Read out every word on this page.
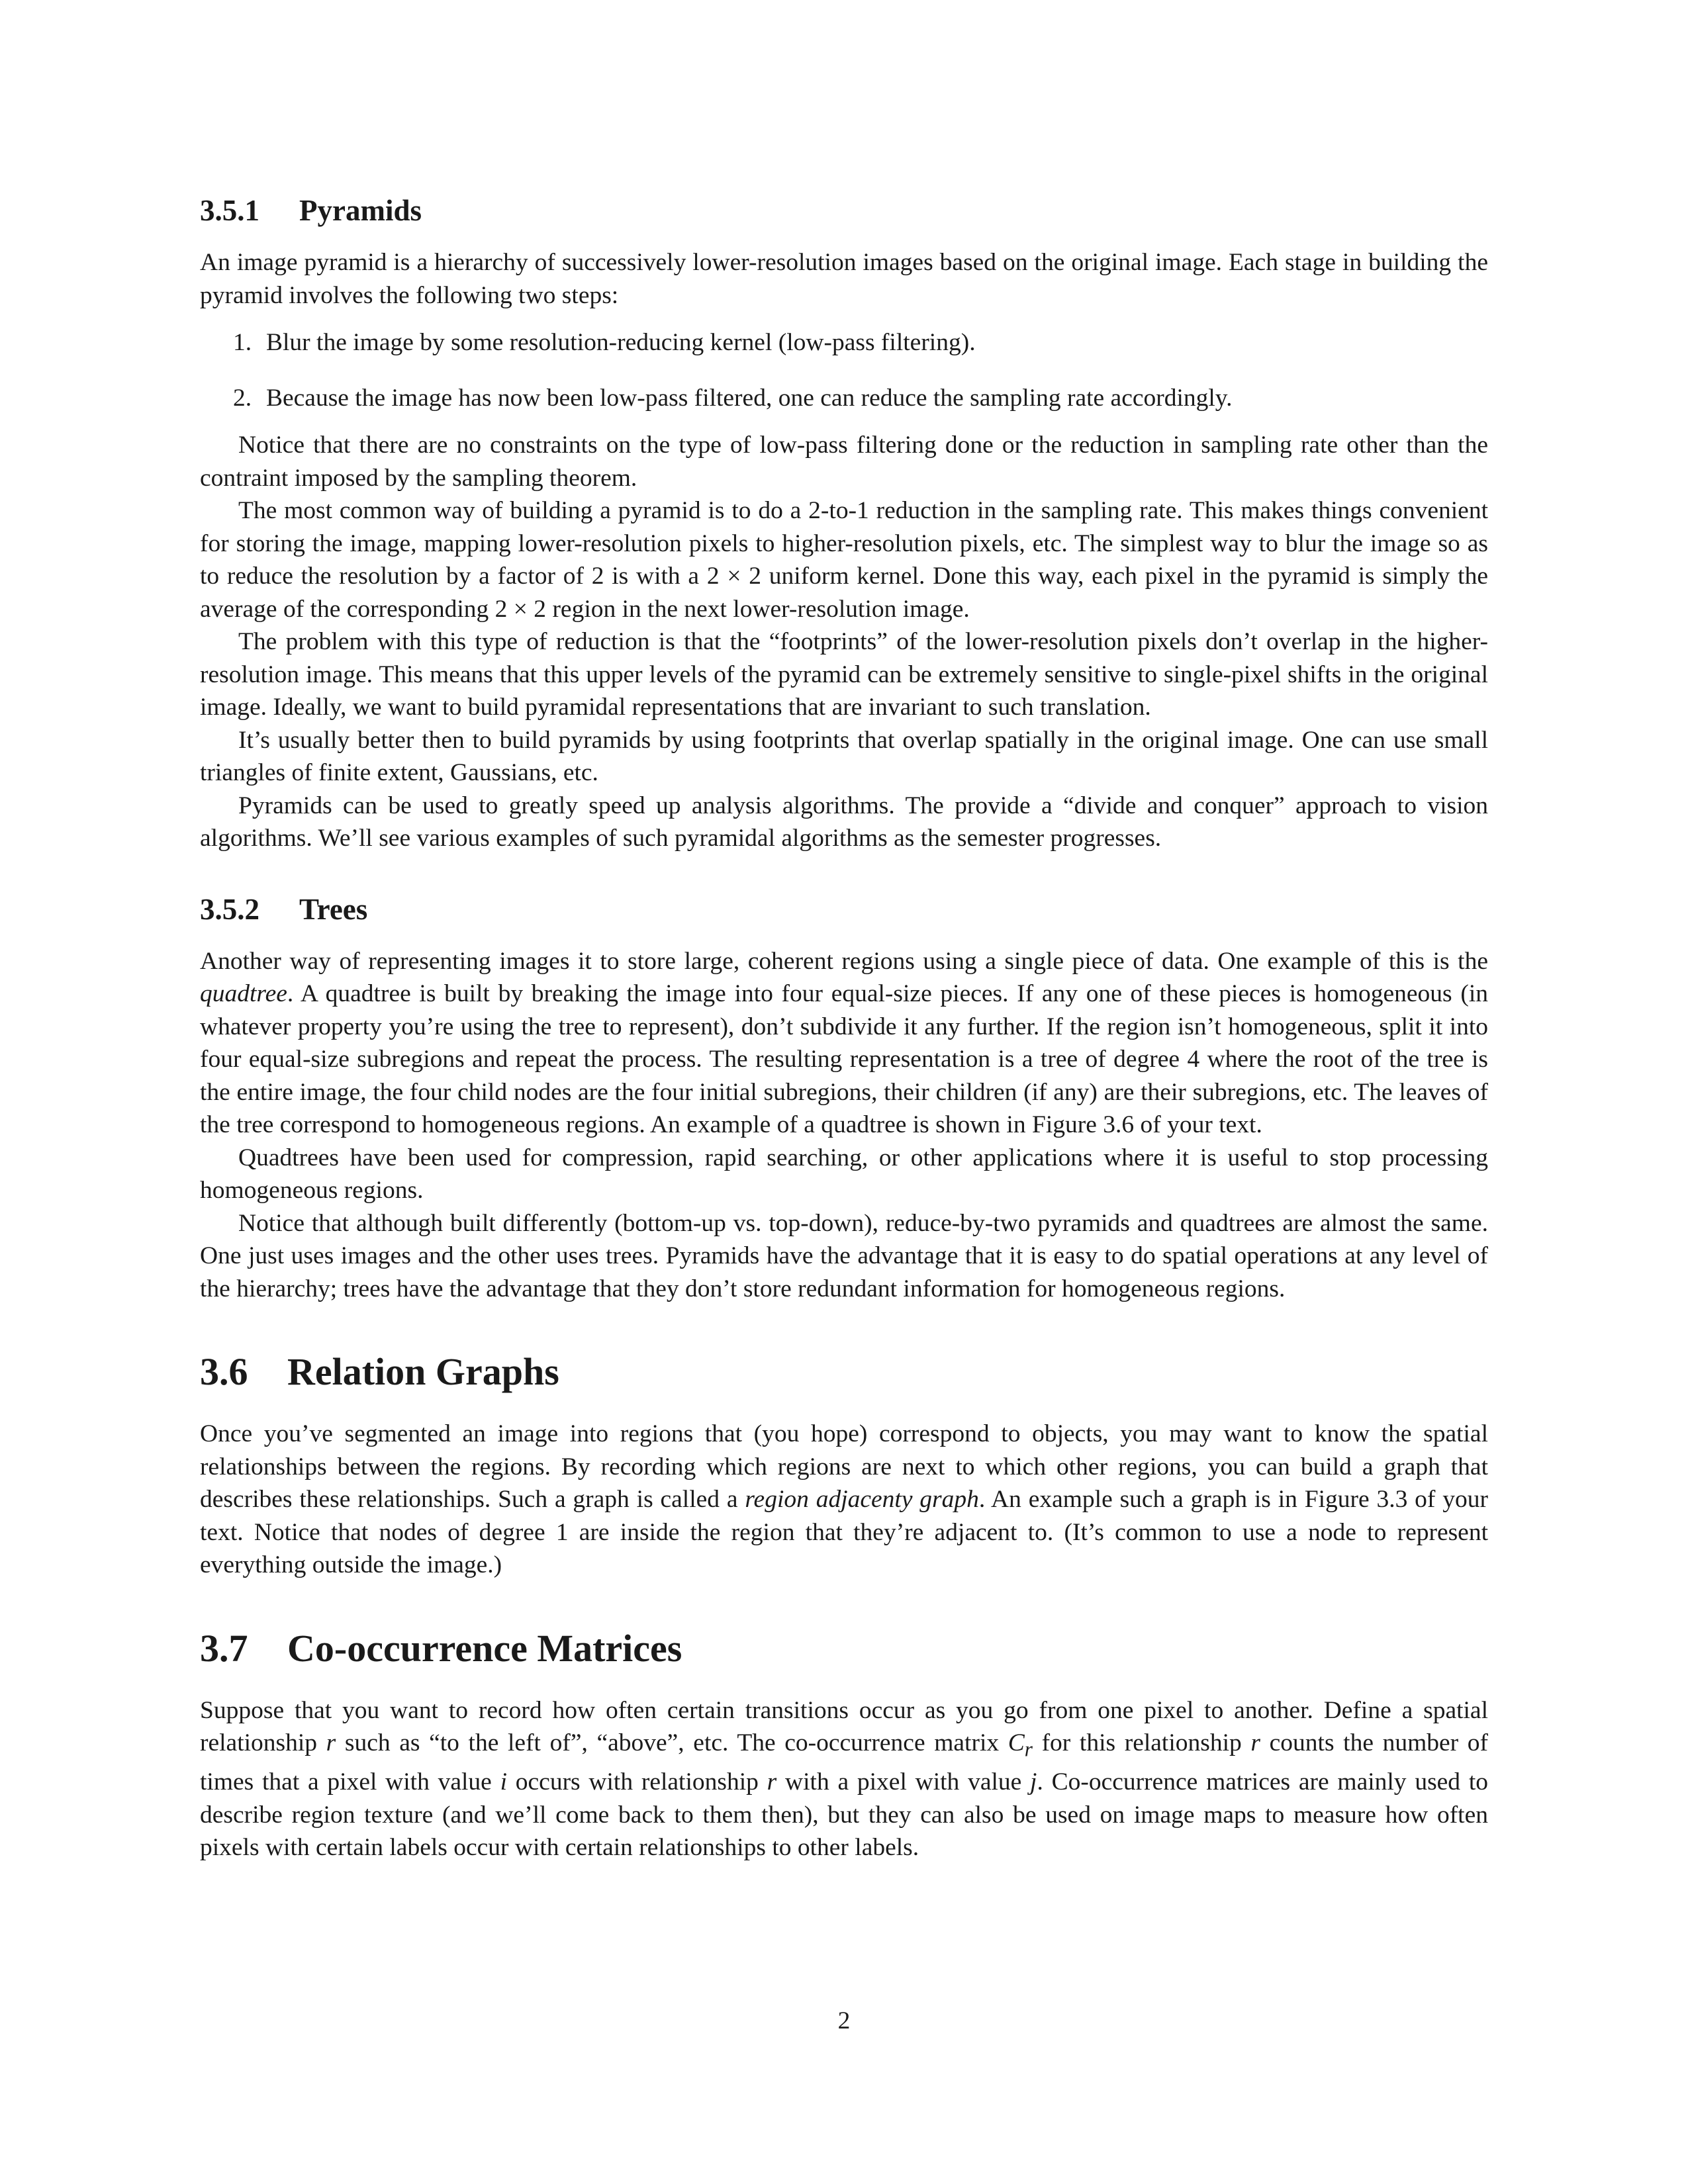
3.5.1 Pyramids

An image pyramid is a hierarchy of successively lower-resolution images based on the original image. Each stage in building the pyramid involves the following two steps:

1. Blur the image by some resolution-reducing kernel (low-pass filtering).
2. Because the image has now been low-pass filtered, one can reduce the sampling rate accordingly.

Notice that there are no constraints on the type of low-pass filtering done or the reduction in sampling rate other than the contraint imposed by the sampling theorem.

The most common way of building a pyramid is to do a 2-to-1 reduction in the sampling rate. This makes things convenient for storing the image, mapping lower-resolution pixels to higher-resolution pixels, etc. The simplest way to blur the image so as to reduce the resolution by a factor of 2 is with a 2 × 2 uniform kernel. Done this way, each pixel in the pyramid is simply the average of the corresponding 2 × 2 region in the next lower-resolution image.

The problem with this type of reduction is that the “footprints” of the lower-resolution pixels don’t overlap in the higher-resolution image. This means that this upper levels of the pyramid can be extremely sensitive to single-pixel shifts in the original image. Ideally, we want to build pyramidal representations that are invariant to such translation.

It’s usually better then to build pyramids by using footprints that overlap spatially in the original image. One can use small triangles of finite extent, Gaussians, etc.

Pyramids can be used to greatly speed up analysis algorithms. The provide a “divide and conquer” approach to vision algorithms. We’ll see various examples of such pyramidal algorithms as the semester progresses.

3.5.2 Trees

Another way of representing images it to store large, coherent regions using a single piece of data. One example of this is the quadtree. A quadtree is built by breaking the image into four equal-size pieces. If any one of these pieces is homogeneous (in whatever property you’re using the tree to represent), don’t subdivide it any further. If the region isn’t homogeneous, split it into four equal-size subregions and repeat the process. The resulting representation is a tree of degree 4 where the root of the tree is the entire image, the four child nodes are the four initial subregions, their children (if any) are their subregions, etc. The leaves of the tree correspond to homogeneous regions. An example of a quadtree is shown in Figure 3.6 of your text.

Quadtrees have been used for compression, rapid searching, or other applications where it is useful to stop processing homogeneous regions.

Notice that although built differently (bottom-up vs. top-down), reduce-by-two pyramids and quadtrees are almost the same. One just uses images and the other uses trees. Pyramids have the advantage that it is easy to do spatial operations at any level of the hierarchy; trees have the advantage that they don’t store redundant information for homogeneous regions.

3.6 Relation Graphs

Once you’ve segmented an image into regions that (you hope) correspond to objects, you may want to know the spatial relationships between the regions. By recording which regions are next to which other regions, you can build a graph that describes these relationships. Such a graph is called a region adjacenty graph. An example such a graph is in Figure 3.3 of your text. Notice that nodes of degree 1 are inside the region that they’re adjacent to. (It’s common to use a node to represent everything outside the image.)

3.7 Co-occurrence Matrices

Suppose that you want to record how often certain transitions occur as you go from one pixel to another. Define a spatial relationship r such as “to the left of”, “above”, etc. The co-occurrence matrix $C_r$ for this relationship r counts the number of times that a pixel with value i occurs with relationship r with a pixel with value j. Co-occurrence matrices are mainly used to describe region texture (and we’ll come back to them then), but they can also be used on image maps to measure how often pixels with certain labels occur with certain relationships to other labels.

2
